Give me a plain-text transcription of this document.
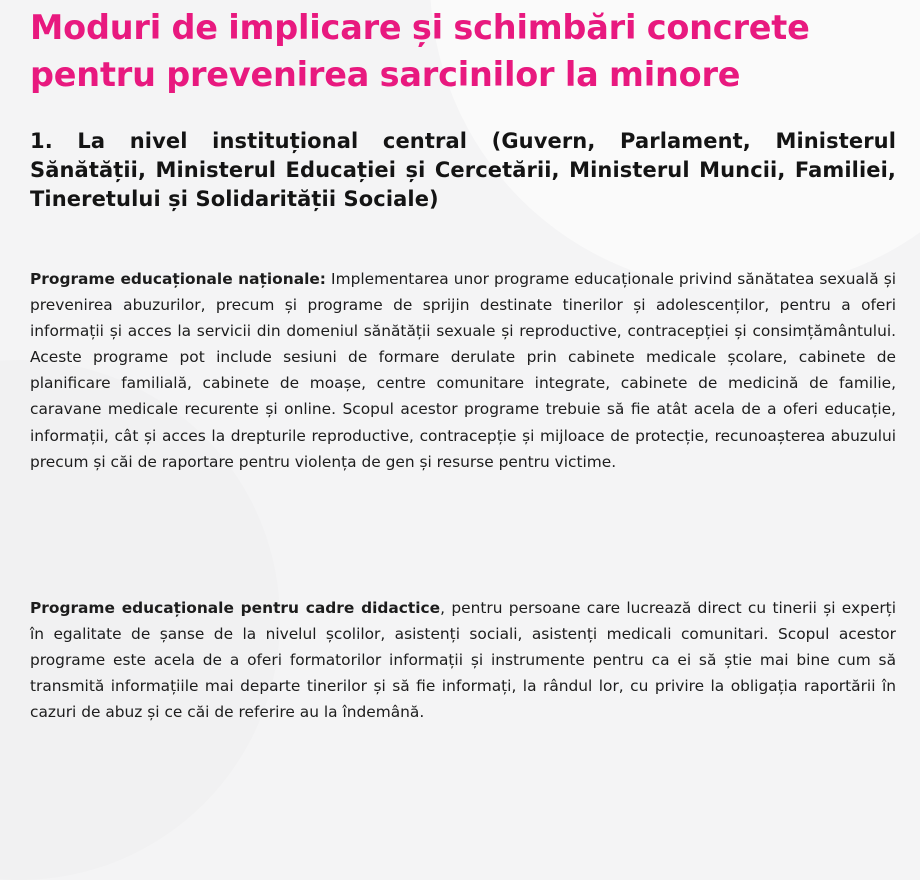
Moduri de implicare și schimbări concrete pentru prevenirea sarcinilor la minore
1. La nivel instituțional central (Guvern, Parlament, Ministerul Sănătății, Ministerul Educației și Cercetării, Ministerul Muncii, Familiei, Tineretului și Solidarității Sociale)

Programe educaționale naționale: Implementarea unor programe educaționale privind sănătatea sexuală și prevenirea abuzurilor, precum și programe de sprijin destinate tinerilor și adolescenților, pentru a oferi informații și acces la servicii din domeniul sănătății sexuale și reproductive, contracepției și consimțământului. Aceste programe pot include sesiuni de formare derulate prin cabinete medicale școlare, cabinete de planificare familială, cabinete de moașe, centre comunitare integrate, cabinete de medicină de familie, caravane medicale recurente și online. Scopul acestor programe trebuie să fie atât acela de a oferi educație, informații, cât și acces la drepturile reproductive, contracepție și mijloace de protecție, recunoașterea abuzului precum și căi de raportare pentru violența de gen și resurse pentru victime.

Programe educaționale pentru cadre didactice, pentru persoane care lucrează direct cu tinerii și experți în egalitate de șanse de la nivelul școlilor, asistenți sociali, asistenți medicali comunitari. Scopul acestor programe este acela de a oferi formatorilor informații și instrumente pentru ca ei să știe mai bine cum să transmită informațiile mai departe tinerilor și să fie informați, la rândul lor, cu privire la obligația raportării în cazuri de abuz și ce căi de referire au la îndemână.
